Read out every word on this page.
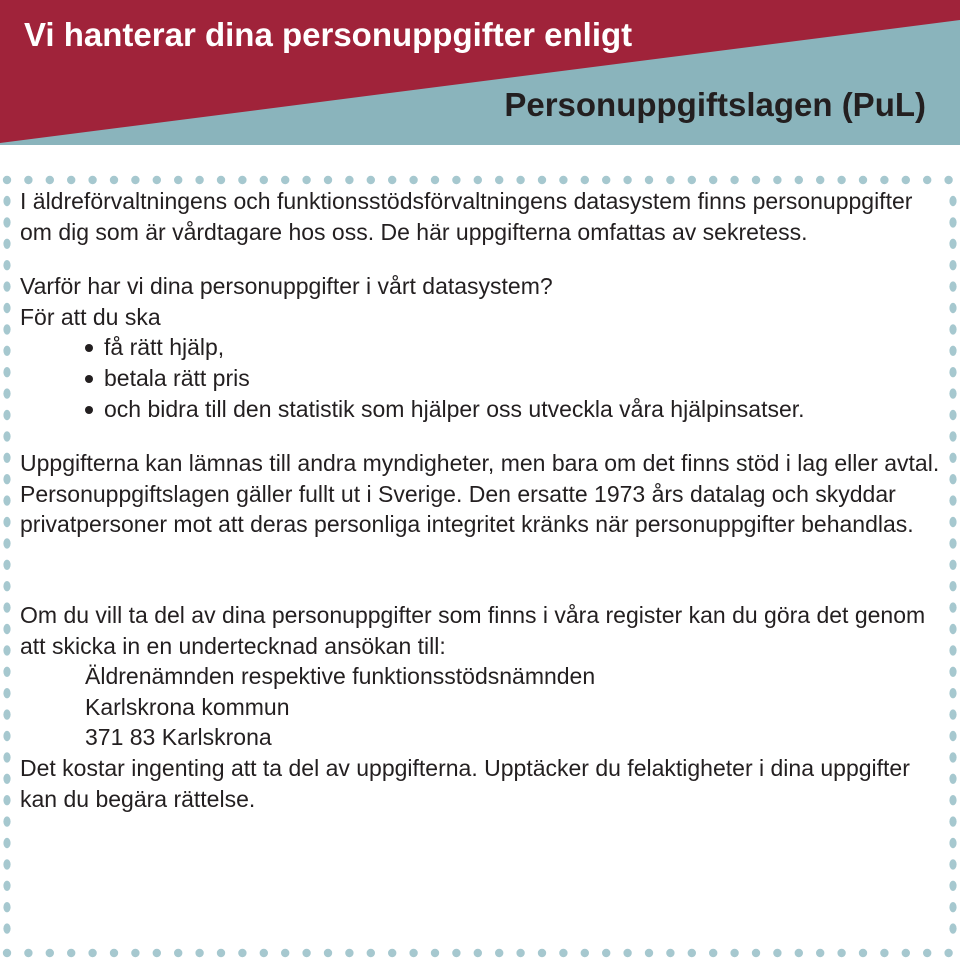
Vi hanterar dina personuppgifter enligt
Personuppgiftslagen (PuL)

I äldreförvaltningens och funktionsstödsförvaltningens datasystem finns personuppgifter om dig som är vårdtagare hos oss. De här uppgifterna omfattas av sekretess.

Varför har vi dina personuppgifter i vårt datasystem?

För att du ska

få rätt hjälp,
betala rätt pris
och bidra till den statistik som hjälper oss utveckla våra hjälpinsatser.

Uppgifterna kan lämnas till andra myndigheter, men bara om det finns stöd i lag eller avtal. Personuppgiftslagen gäller fullt ut i Sverige. Den ersatte 1973 års datalag och skyddar privatpersoner mot att deras personliga integritet kränks när personuppgifter behandlas.

Om du vill ta del av dina personuppgifter som finns i våra register kan du göra det genom att skicka in en undertecknad ansökan till:

Äldrenämnden respektive funktionsstödsnämnden
Karlskrona kommun
371 83 Karlskrona

Det kostar ingenting att ta del av uppgifterna. Upptäcker du felaktigheter i dina uppgifter kan du begära rättelse.
